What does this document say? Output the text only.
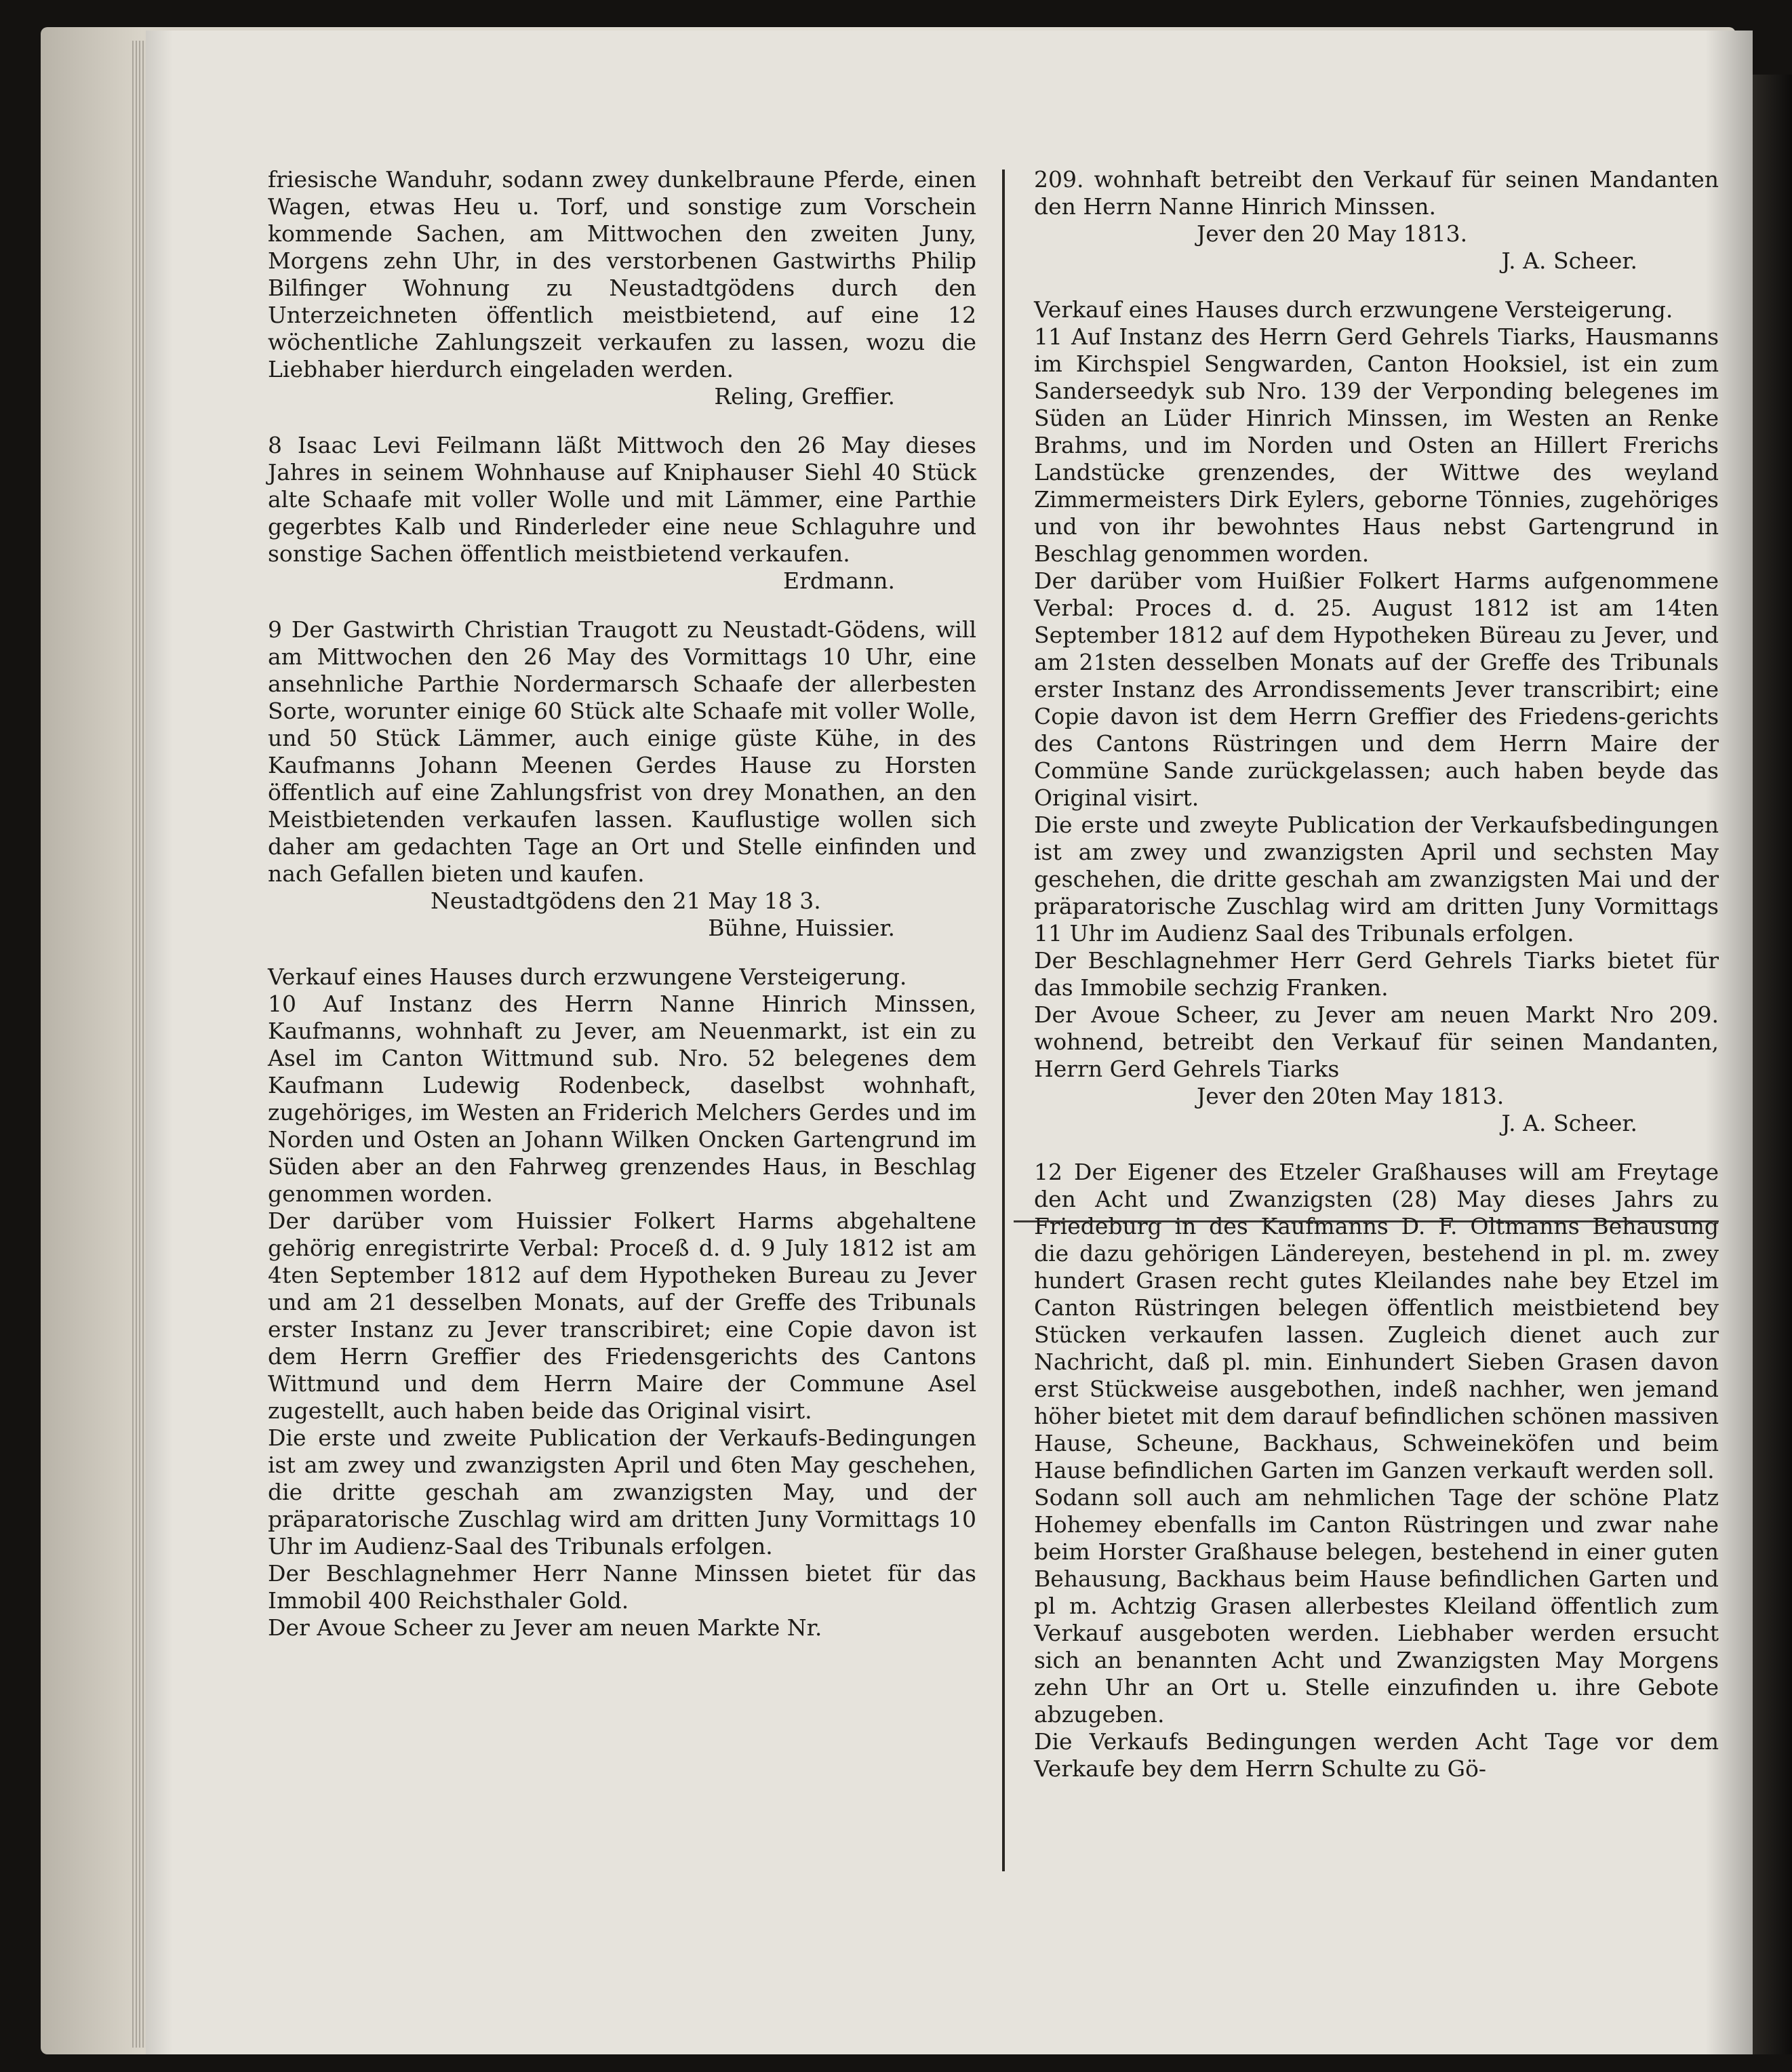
friesische Wanduhr, sodann zwey dunkelbraune Pferde, einen Wagen, etwas Heu u. Torf, und sonstige zum Vorschein kommende Sachen, am Mittwochen den zweiten Juny, Morgens zehn Uhr, in des verstorbenen Gastwirths Philip Bilfinger Wohnung zu Neustadtgödens durch den Unterzeichneten öffentlich meistbietend, auf eine 12 wöchentliche Zahlungszeit verkaufen zu lassen, wozu die Liebhaber hierdurch eingeladen werden.

Reling, Greffier.

8 Isaac Levi Feilmann läßt Mittwoch den 26 May dieses Jahres in seinem Wohnhause auf Kniphauser Siehl 40 Stück alte Schaafe mit voller Wolle und mit Lämmer, eine Parthie gegerbtes Kalb und Rinderleder eine neue Schlaguhre und sonstige Sachen öffentlich meistbietend verkaufen.

Erdmann.

9 Der Gastwirth Christian Traugott zu Neustadt-Gödens, will am Mittwochen den 26 May des Vormittags 10 Uhr, eine ansehnliche Parthie Nordermarsch Schaafe der allerbesten Sorte, worunter einige 60 Stück alte Schaafe mit voller Wolle, und 50 Stück Lämmer, auch einige güste Kühe, in des Kaufmanns Johann Meenen Gerdes Hause zu Horsten öffentlich auf eine Zahlungsfrist von drey Monathen, an den Meistbietenden verkaufen lassen. Kauflustige wollen sich daher am gedachten Tage an Ort und Stelle einfinden und nach Gefallen bieten und kaufen.

Neustadtgödens den 21 May 18 3.

Bühne, Huissier.

Verkauf eines Hauses durch erzwungene Versteigerung.

10 Auf Instanz des Herrn Nanne Hinrich Minssen, Kaufmanns, wohnhaft zu Jever, am Neuenmarkt, ist ein zu Asel im Canton Wittmund sub. Nro. 52 belegenes dem Kaufmann Ludewig Rodenbeck, daselbst wohnhaft, zugehöriges, im Westen an Friderich Melchers Gerdes und im Norden und Osten an Johann Wilken Oncken Gartengrund im Süden aber an den Fahrweg grenzendes Haus, in Beschlag genommen worden.

Der darüber vom Huissier Folkert Harms abgehaltene gehörig enregistrirte Verbal: Proceß d. d. 9 July 1812 ist am 4ten September 1812 auf dem Hypotheken Bureau zu Jever und am 21 desselben Monats, auf der Greffe des Tribunals erster Instanz zu Jever transcribiret; eine Copie davon ist dem Herrn Greffier des Friedensgerichts des Cantons Wittmund und dem Herrn Maire der Commune Asel zugestellt, auch haben beide das Original visirt.

Die erste und zweite Publication der Verkaufs-Bedingungen ist am zwey und zwanzigsten April und 6ten May geschehen, die dritte geschah am zwanzigsten May, und der präparatorische Zuschlag wird am dritten Juny Vormittags 10 Uhr im Audienz-Saal des Tribunals erfolgen.

Der Beschlagnehmer Herr Nanne Minssen bietet für das Immobil 400 Reichsthaler Gold.

Der Avoue Scheer zu Jever am neuen Markte Nr.

209. wohnhaft betreibt den Verkauf für seinen Mandanten den Herrn Nanne Hinrich Minssen.

Jever den 20 May 1813.

J. A. Scheer.

Verkauf eines Hauses durch erzwungene Versteigerung.

11 Auf Instanz des Herrn Gerd Gehrels Tiarks, Hausmanns im Kirchspiel Sengwarden, Canton Hooksiel, ist ein zum Sanderseedyk sub Nro. 139 der Verponding belegenes im Süden an Lüder Hinrich Minssen, im Westen an Renke Brahms, und im Norden und Osten an Hillert Frerichs Landstücke grenzendes, der Wittwe des weyland Zimmermeisters Dirk Eylers, geborne Tönnies, zugehöriges und von ihr bewohntes Haus nebst Gartengrund in Beschlag genommen worden.

Der darüber vom Huißier Folkert Harms aufgenommene Verbal: Proces d. d. 25. August 1812 ist am 14ten September 1812 auf dem Hypotheken Büreau zu Jever, und am 21sten desselben Monats auf der Greffe des Tribunals erster Instanz des Arrondissements Jever transcribirt; eine Copie davon ist dem Herrn Greffier des Friedens-gerichts des Cantons Rüstringen und dem Herrn Maire der Commüne Sande zurückgelassen; auch haben beyde das Original visirt.

Die erste und zweyte Publication der Verkaufsbedingungen ist am zwey und zwanzigsten April und sechsten May geschehen, die dritte geschah am zwanzigsten Mai und der präparatorische Zuschlag wird am dritten Juny Vormittags 11 Uhr im Audienz Saal des Tribunals erfolgen.

Der Beschlagnehmer Herr Gerd Gehrels Tiarks bietet für das Immobile sechzig Franken.

Der Avoue Scheer, zu Jever am neuen Markt Nro 209. wohnend, betreibt den Verkauf für seinen Mandanten, Herrn Gerd Gehrels Tiarks

Jever den 20ten May 1813.

J. A. Scheer.

12 Der Eigener des Etzeler Graßhauses will am Freytage den Acht und Zwanzigsten (28) May dieses Jahrs zu Friedeburg in des Kaufmanns D. F. Oltmanns Behausung die dazu gehörigen Ländereyen, bestehend in pl. m. zwey hundert Grasen recht gutes Kleilandes nahe bey Etzel im Canton Rüstringen belegen öffentlich meistbietend bey Stücken verkaufen lassen. Zugleich dienet auch zur Nachricht, daß pl. min. Einhundert Sieben Grasen davon erst Stückweise ausgebothen, indeß nachher, wen jemand höher bietet mit dem darauf befindlichen schönen massiven Hause, Scheune, Backhaus, Schweineköfen und beim Hause befindlichen Garten im Ganzen verkauft werden soll.

Sodann soll auch am nehmlichen Tage der schöne Platz Hohemey ebenfalls im Canton Rüstringen und zwar nahe beim Horster Graßhause belegen, bestehend in einer guten Behausung, Backhaus beim Hause befindlichen Garten und pl m. Achtzig Grasen allerbestes Kleiland öffentlich zum Verkauf ausgeboten werden. Liebhaber werden ersucht sich an benannten Acht und Zwanzigsten May Morgens zehn Uhr an Ort u. Stelle einzufinden u. ihre Gebote abzugeben.

Die Verkaufs Bedingungen werden Acht Tage vor dem Verkaufe bey dem Herrn Schulte zu Gö-
